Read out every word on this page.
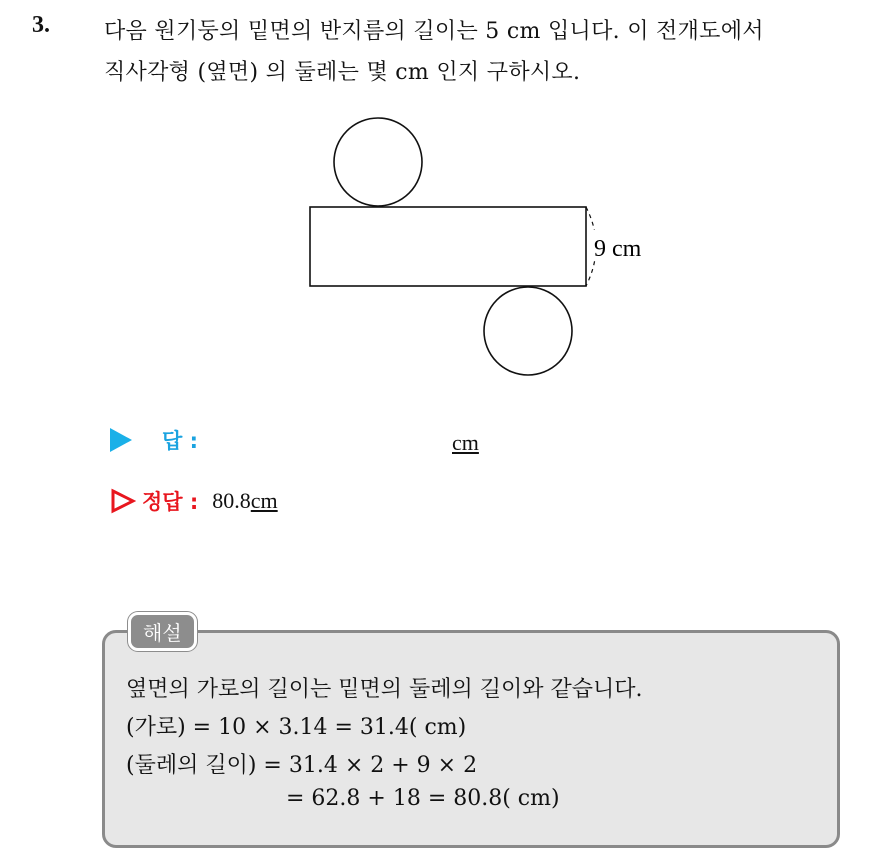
3. 다음 원기둥의 밑면의 반지름의 길이는 5 cm 입니다. 이 전개도에서
직사각형 (옆면) 의 둘레는 몇 cm 인지 구하시오.
9 cm
답 :	cm
정답 : 80.8cm
해설
옆면의 가로의 길이는 밑면의 둘레의 길이와 같습니다.
(가로) = 10 × 3.14 = 31.4( cm)
(둘레의 길이) = 31.4 × 2 + 9 × 2
= 62.8 + 18 = 80.8( cm)
